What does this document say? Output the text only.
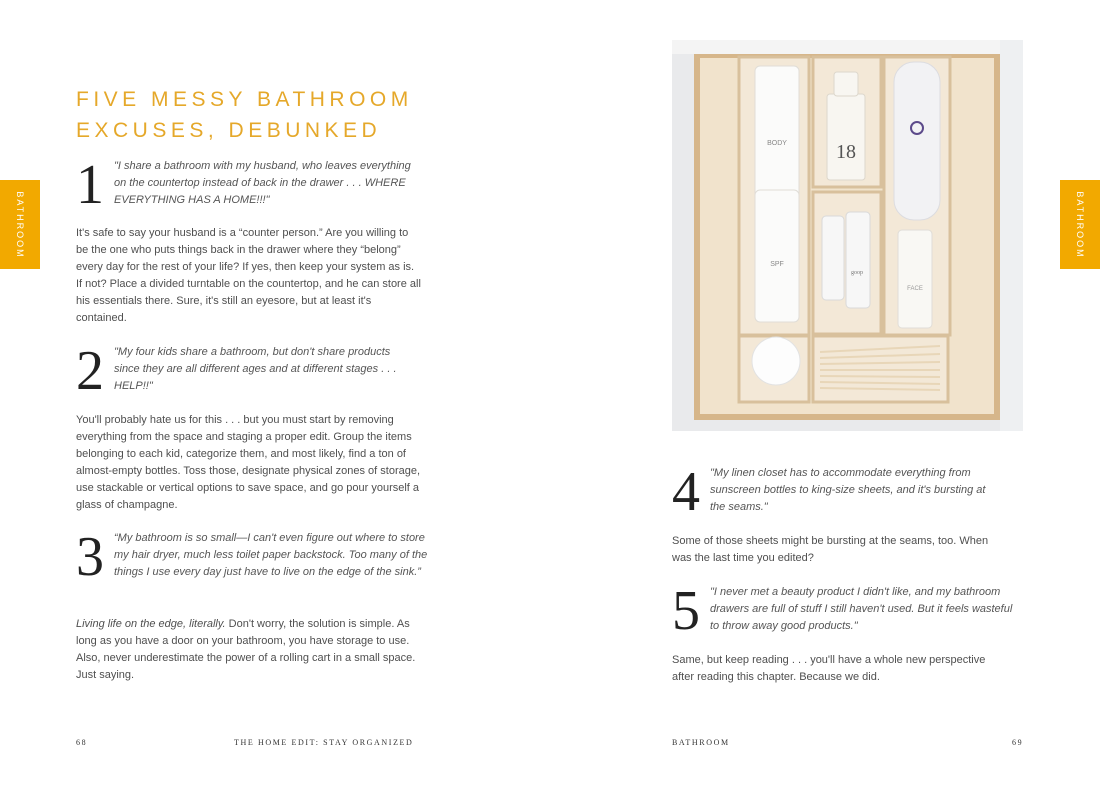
BATHROOM	BATHROOM
FIVE MESSY BATHROOM
EXCUSES, DEBUNKED
1 "I share a bathroom with my husband, who leaves everything on the countertop instead of back in the drawer . . . WHERE EVERYTHING HAS A HOME!!!"
It's safe to say your husband is a “counter person.” Are you willing to be the one who puts things back in the drawer where they “belong” every day for the rest of your life? If yes, then keep your system as is. If not? Place a divided turntable on the countertop, and he can store all his essentials there. Sure, it's still an eyesore, but at least it's contained.
2 "My four kids share a bathroom, but don't share products since they are all different ages and at different stages . . . HELP!!"
You'll probably hate us for this . . . but you must start by removing everything from the space and staging a proper edit. Group the items belonging to each kid, categorize them, and most likely, find a ton of almost-empty bottles. Toss those, designate physical zones of storage, use stackable or vertical options to save space, and go pour yourself a glass of champagne.
3 “My bathroom is so small—I can't even figure out where to store my hair dryer, much less toilet paper backstock. Too many of the things I use every day just have to live on the edge of the sink.”
Living life on the edge, literally. Don't worry, the solution is simple. As long as you have a door on your bathroom, you have storage to use. Also, never underestimate the power of a rolling cart in a small space. Just saying.
BODY
SPF
18
goop
FACE
4 "My linen closet has to accommodate everything from sunscreen bottles to king-size sheets, and it's bursting at the seams."
Some of those sheets might be bursting at the seams, too. When was the last time you edited?
5 "I never met a beauty product I didn't like, and my bathroom drawers are full of stuff I still haven't used. But it feels wasteful to throw away good products."
Same, but keep reading . . . you'll have a whole new perspective after reading this chapter. Because we did.
68	THE HOME EDIT: STAY ORGANIZED	BATHROOM	69
